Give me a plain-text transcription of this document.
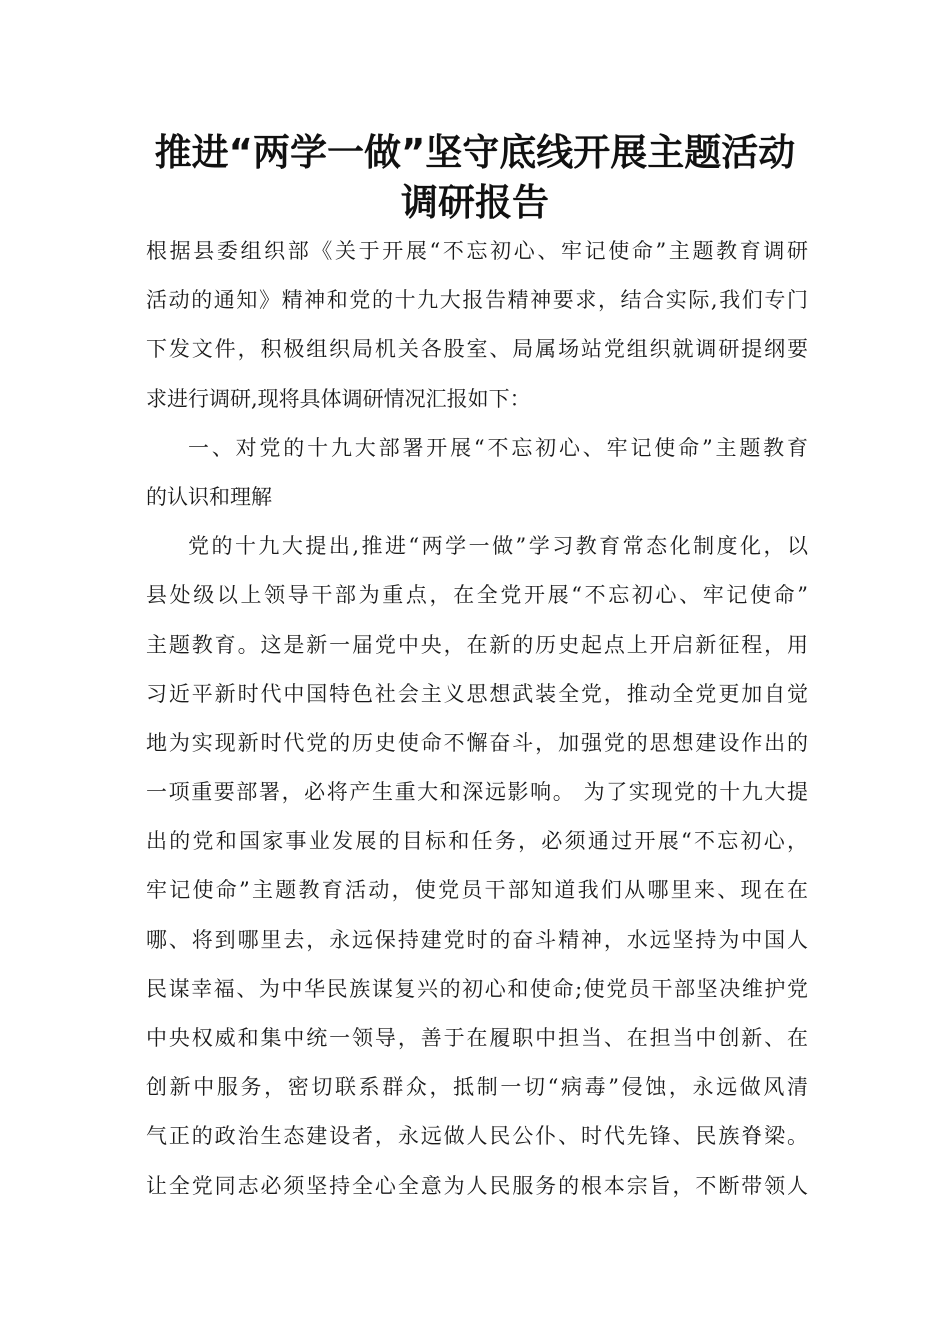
推进“两学一做”坚守底线开展主题活动
调研报告
根据县委组织部《关于开展“不忘初心、牢记使命”主题教育调研
活动的通知》精神和党的十九大报告精神要求，结合实际,我们专门
下发文件，积极组织局机关各股室、局属场站党组织就调研提纲要
求进行调研,现将具体调研情况汇报如下：
一、对党的十九大部署开展“不忘初心、牢记使命”主题教育
的认识和理解
党的十九大提出,推进“两学一做”学习教育常态化制度化，以
县处级以上领导干部为重点，在全党开展“不忘初心、牢记使命”
主题教育。这是新一届党中央，在新的历史起点上开启新征程，用
习近平新时代中国特色社会主义思想武装全党，推动全党更加自觉
地为实现新时代党的历史使命不懈奋斗，加强党的思想建设作出的
一项重要部署，必将产生重大和深远影响。 为了实现党的十九大提
出的党和国家事业发展的目标和任务，必须通过开展“不忘初心，
牢记使命”主题教育活动，使党员干部知道我们从哪里来、现在在
哪、将到哪里去，永远保持建党时的奋斗精神，水远坚持为中国人
民谋幸福、为中华民族谋复兴的初心和使命;使党员干部坚决维护党
中央权威和集中统一领导，善于在履职中担当、在担当中创新、在
创新中服务，密切联系群众，抵制一切“病毒”侵蚀，永远做风清
气正的政治生态建设者，永远做人民公仆、时代先锋、民族脊梁。
让全党同志必须坚持全心全意为人民服务的根本宗旨，不断带领人
